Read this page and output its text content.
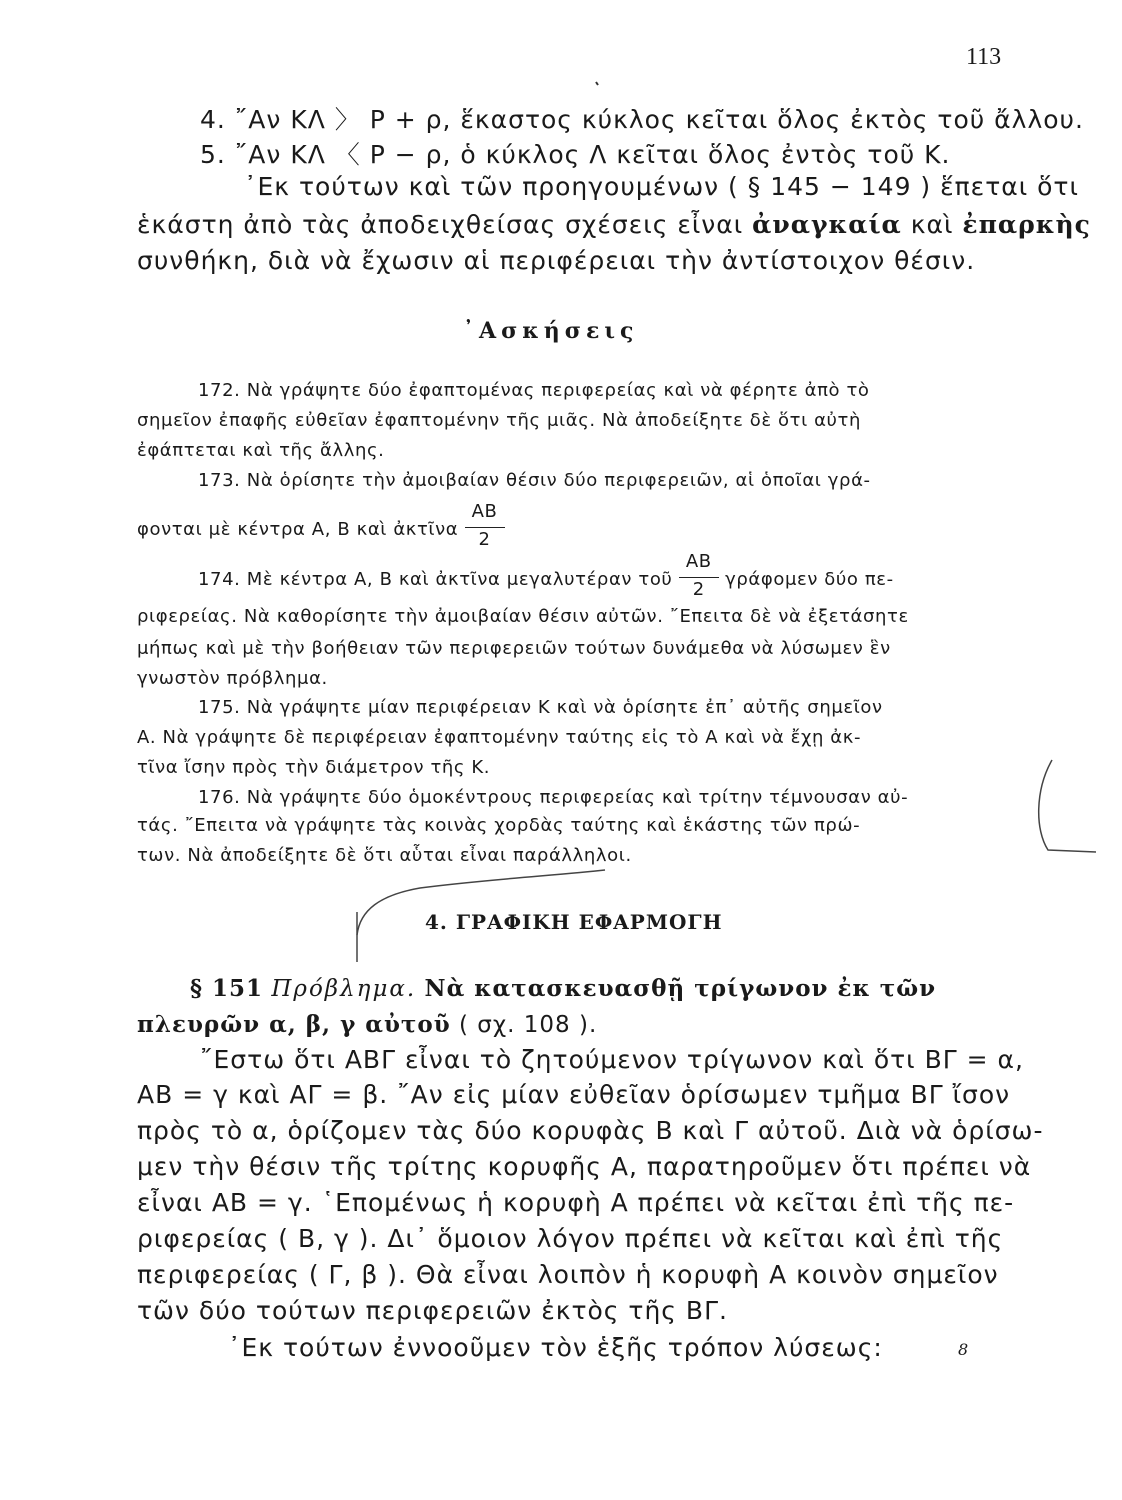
113
4. ῎Αν ΚΛ 〉 Ρ + ρ, ἕκαστος κύκλος κεῖται ὅλος ἐκτὸς τοῦ ἄλλου.
5. ῎Αν ΚΛ 〈 Ρ − ρ, ὁ κύκλος Λ κεῖται ὅλος ἐντὸς τοῦ Κ.
᾿Εκ τούτων καὶ τῶν προηγουμένων ( § 145 − 149 ) ἕπεται ὅτι
ἑκάστη ἀπὸ τὰς ἀποδειχθείσας σχέσεις εἶναι ἀναγκαία καὶ ἐπαρκὴς
συνθήκη, διὰ νὰ ἔχωσιν αἱ περιφέρειαι τὴν ἀντίστοιχον θέσιν.
᾿Ασκήσεις
172. Νὰ γράψητε δύο ἐφαπτομένας περιφερείας καὶ νὰ φέρητε ἀπὸ τὸ
σημεῖον ἐπαφῆς εὐθεῖαν ἐφαπτομένην τῆς μιᾶς. Νὰ ἀποδείξητε δὲ ὅτι αὐτὴ
ἐφάπτεται καὶ τῆς ἄλλης.
173. Νὰ ὁρίσητε τὴν ἀμοιβαίαν θέσιν δύο περιφερειῶν, αἱ ὁποῖαι γρά-
φονται μὲ κέντρα Α, Β καὶ ἀκτῖνα $\frac{AB}{2}$
174. Μὲ κέντρα Α, Β καὶ ἀκτῖνα μεγαλυτέραν τοῦ $\frac{AB}{2}$ γράφομεν δύο πε-
ριφερείας. Νὰ καθορίσητε τὴν ἀμοιβαίαν θέσιν αὐτῶν. ῎Επειτα δὲ νὰ ἐξετάσητε
μήπως καὶ μὲ τὴν βοήθειαν τῶν περιφερειῶν τούτων δυνάμεθα νὰ λύσωμεν ἓν
γνωστὸν πρόβλημα.
175. Νὰ γράψητε μίαν περιφέρειαν Κ καὶ νὰ ὁρίσητε ἐπ᾿ αὐτῆς σημεῖον
Α. Νὰ γράψητε δὲ περιφέρειαν ἐφαπτομένην ταύτης εἰς τὸ Α καὶ νὰ ἔχῃ ἀκ-
τῖνα ἴσην πρὸς τὴν διάμετρον τῆς Κ.
176. Νὰ γράψητε δύο ὁμοκέντρους περιφερείας καὶ τρίτην τέμνουσαν αὐ-
τάς. ῎Επειτα νὰ γράψητε τὰς κοινὰς χορδὰς ταύτης καὶ ἑκάστης τῶν πρώ-
των. Νὰ ἀποδείξητε δὲ ὅτι αὗται εἶναι παράλληλοι.
4. ΓΡΑΦΙΚΗ ΕΦΑΡΜΟΓΗ
§ 151 Πρόβλημα. Νὰ κατασκευασθῇ τρίγωνον ἐκ τῶν
πλευρῶν α, β, γ αὐτοῦ ( σχ. 108 ).
῎Εστω ὅτι ΑΒΓ εἶναι τὸ ζητούμενον τρίγωνον καὶ ὅτι ΒΓ = α,
ΑΒ = γ καὶ ΑΓ = β. ῎Αν εἰς μίαν εὐθεῖαν ὁρίσωμεν τμῆμα ΒΓ ἴσον
πρὸς τὸ α, ὁρίζομεν τὰς δύο κορυφὰς Β καὶ Γ αὐτοῦ. Διὰ νὰ ὁρίσω-
μεν τὴν θέσιν τῆς τρίτης κορυφῆς Α, παρατηροῦμεν ὅτι πρέπει νὰ
εἶναι ΑΒ = γ. ῾Επομένως ἡ κορυφὴ Α πρέπει νὰ κεῖται ἐπὶ τῆς πε-
ριφερείας ( Β, γ ). Δι᾿ ὅμοιον λόγον πρέπει νὰ κεῖται καὶ ἐπὶ τῆς
περιφερείας ( Γ, β ). Θὰ εἶναι λοιπὸν ἡ κορυφὴ Α κοινὸν σημεῖον
τῶν δύο τούτων περιφερειῶν ἐκτὸς τῆς ΒΓ.
᾿Εκ τούτων ἐννοοῦμεν τὸν ἑξῆς τρόπον λύσεως:	8
